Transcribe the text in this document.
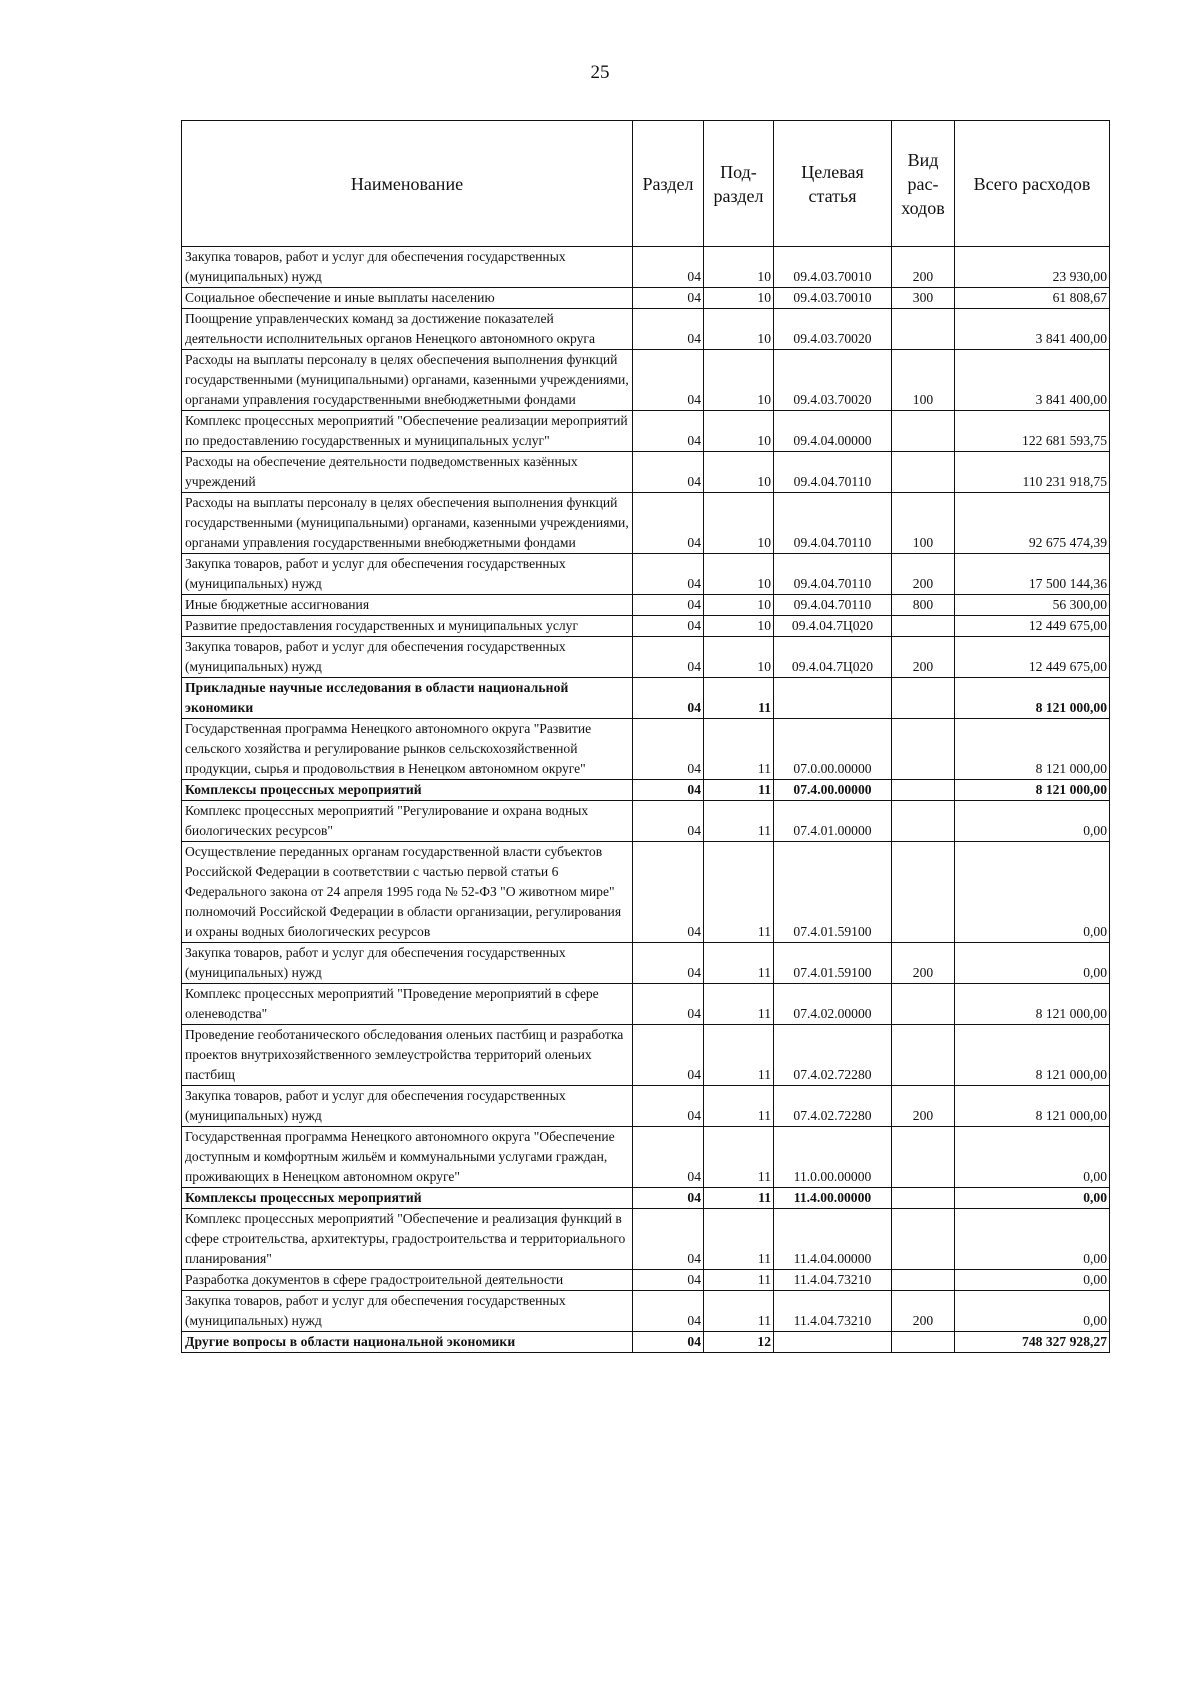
25
Наименование	Раздел	Под-раздел	Целевая статья	Вид рас-ходов	Всего расходов
Закупка товаров, работ и услуг для обеспечения государственных (муниципальных) нужд	04	10	09.4.03.70010	200	23 930,00
Социальное обеспечение и иные выплаты населению	04	10	09.4.03.70010	300	61 808,67
Поощрение управленческих команд за достижение показателей деятельности исполнительных органов Ненецкого автономного округа	04	10	09.4.03.70020		3 841 400,00
Расходы на выплаты персоналу в целях обеспечения выполнения функций государственными (муниципальными) органами, казенными учреждениями, органами управления государственными внебюджетными фондами	04	10	09.4.03.70020	100	3 841 400,00
Комплекс процессных мероприятий "Обеспечение реализации мероприятий по предоставлению государственных и муниципальных услуг"	04	10	09.4.04.00000		122 681 593,75
Расходы на обеспечение деятельности подведомственных казённых учреждений	04	10	09.4.04.70110		110 231 918,75
Расходы на выплаты персоналу в целях обеспечения выполнения функций государственными (муниципальными) органами, казенными учреждениями, органами управления государственными внебюджетными фондами	04	10	09.4.04.70110	100	92 675 474,39
Закупка товаров, работ и услуг для обеспечения государственных (муниципальных) нужд	04	10	09.4.04.70110	200	17 500 144,36
Иные бюджетные ассигнования	04	10	09.4.04.70110	800	56 300,00
Развитие предоставления государственных и муниципальных услуг	04	10	09.4.04.7Ц020		12 449 675,00
Закупка товаров, работ и услуг для обеспечения государственных (муниципальных) нужд	04	10	09.4.04.7Ц020	200	12 449 675,00
Прикладные научные исследования в области национальной экономики	04	11			8 121 000,00
Государственная программа Ненецкого автономного округа "Развитие сельского хозяйства и регулирование рынков сельскохозяйственной продукции, сырья и продовольствия в Ненецком автономном округе"	04	11	07.0.00.00000		8 121 000,00
Комплексы процессных мероприятий	04	11	07.4.00.00000		8 121 000,00
Комплекс процессных мероприятий "Регулирование и охрана водных биологических ресурсов"	04	11	07.4.01.00000		0,00
Осуществление переданных органам государственной власти субъектов Российской Федерации в соответствии с частью первой статьи 6 Федерального закона от 24 апреля 1995 года № 52-ФЗ "О животном мире" полномочий Российской Федерации в области организации, регулирования и охраны водных биологических ресурсов	04	11	07.4.01.59100		0,00
Закупка товаров, работ и услуг для обеспечения государственных (муниципальных) нужд	04	11	07.4.01.59100	200	0,00
Комплекс процессных мероприятий "Проведение мероприятий в сфере оленеводства"	04	11	07.4.02.00000		8 121 000,00
Проведение геоботанического обследования оленьих пастбищ и разработка проектов внутрихозяйственного землеустройства территорий оленьих пастбищ	04	11	07.4.02.72280		8 121 000,00
Закупка товаров, работ и услуг для обеспечения государственных (муниципальных) нужд	04	11	07.4.02.72280	200	8 121 000,00
Государственная программа Ненецкого автономного округа "Обеспечение доступным и комфортным жильём и коммунальными услугами граждан, проживающих в Ненецком автономном округе"	04	11	11.0.00.00000		0,00
Комплексы процессных мероприятий	04	11	11.4.00.00000		0,00
Комплекс процессных мероприятий "Обеспечение и реализация функций в сфере строительства, архитектуры, градостроительства и территориального планирования"	04	11	11.4.04.00000		0,00
Разработка документов в сфере градостроительной деятельности	04	11	11.4.04.73210		0,00
Закупка товаров, работ и услуг для обеспечения государственных (муниципальных) нужд	04	11	11.4.04.73210	200	0,00
Другие вопросы в области национальной экономики	04	12			748 327 928,27
